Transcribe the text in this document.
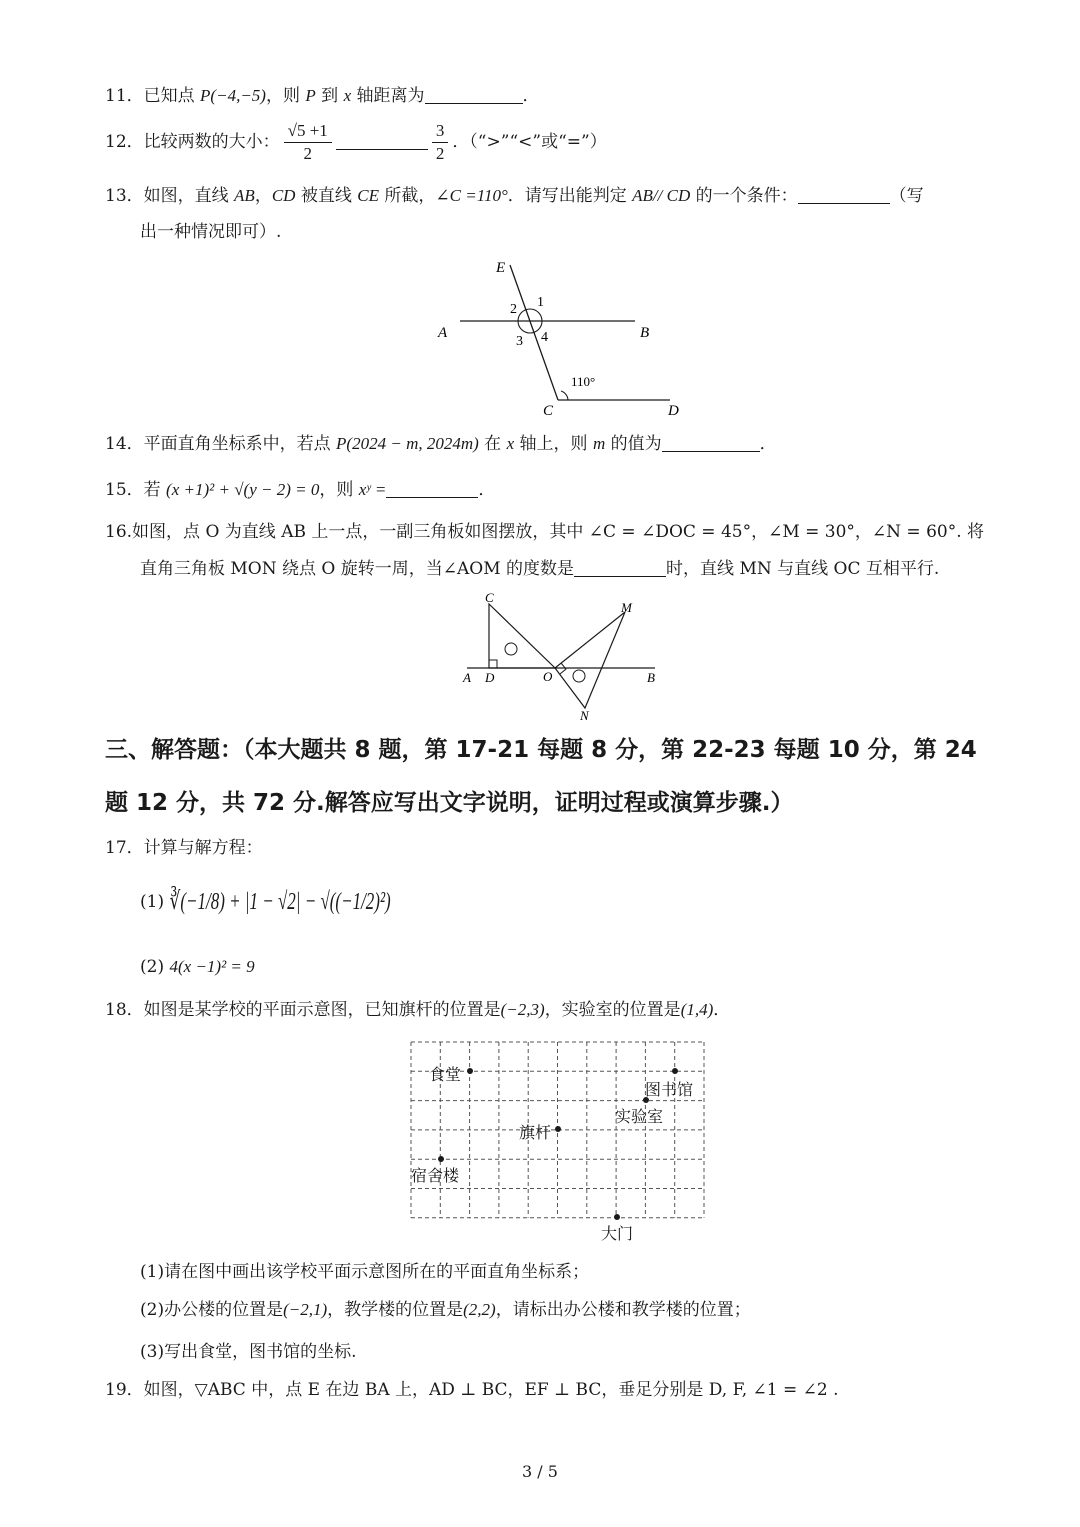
11．已知点 P(−4,−5)，则 P 到 x 轴距离为	．
12．比较两数的大小： $\frac{√5 +1}{2}$	$\frac{3}{2}$ ．（“>”“<”或“=”）
13．如图，直线 AB，CD 被直线 CE 所截，∠C =110°．请写出能判定 AB// CD 的一个条件：	（写
出一种情况即可）.
E
A	B
C	D
1
2
3 4
110°
14．平面直角坐标系中，若点 P(2024 − m, 2024m) 在 x 轴上，则 m 的值为	．
15．若 (x +1)² + √(y − 2) = 0，则 xʸ =	．
16.如图，点 O 为直线 AB 上一点，一副三角板如图摆放，其中 ∠C = ∠DOC = 45°，∠M = 30°，∠N = 60°. 将
直角三角板 MON 绕点 O 旋转一周，当∠AOM 的度数是	时，直线 MN 与直线 OC 互相平行.
C
M
A D	O	B
N
三、解答题：（本大题共 8 题，第 17-21 每题 8 分，第 22-23 每题 10 分，第 24
题 12 分，共 72 分.解答应写出文字说明，证明过程或演算步骤.）
17．计算与解方程：
(1) ∛(−1/8) + |1 − √2| − √((−1/2)²)
(2) 4(x −1)² = 9
18．如图是某学校的平面示意图，已知旗杆的位置是(−2,3)，实验室的位置是(1,4)．
食堂
图书馆
实验室
旗杆
宿舍楼
大门
(1)请在图中画出该学校平面示意图所在的平面直角坐标系；
(2)办公楼的位置是(−2,1)，教学楼的位置是(2,2)，请标出办公楼和教学楼的位置；
(3)写出食堂，图书馆的坐标.
19．如图，▽ABC 中，点 E 在边 BA 上，AD ⊥ BC，EF ⊥ BC，垂足分别是 D, F, ∠1 = ∠2 .
3 / 5
